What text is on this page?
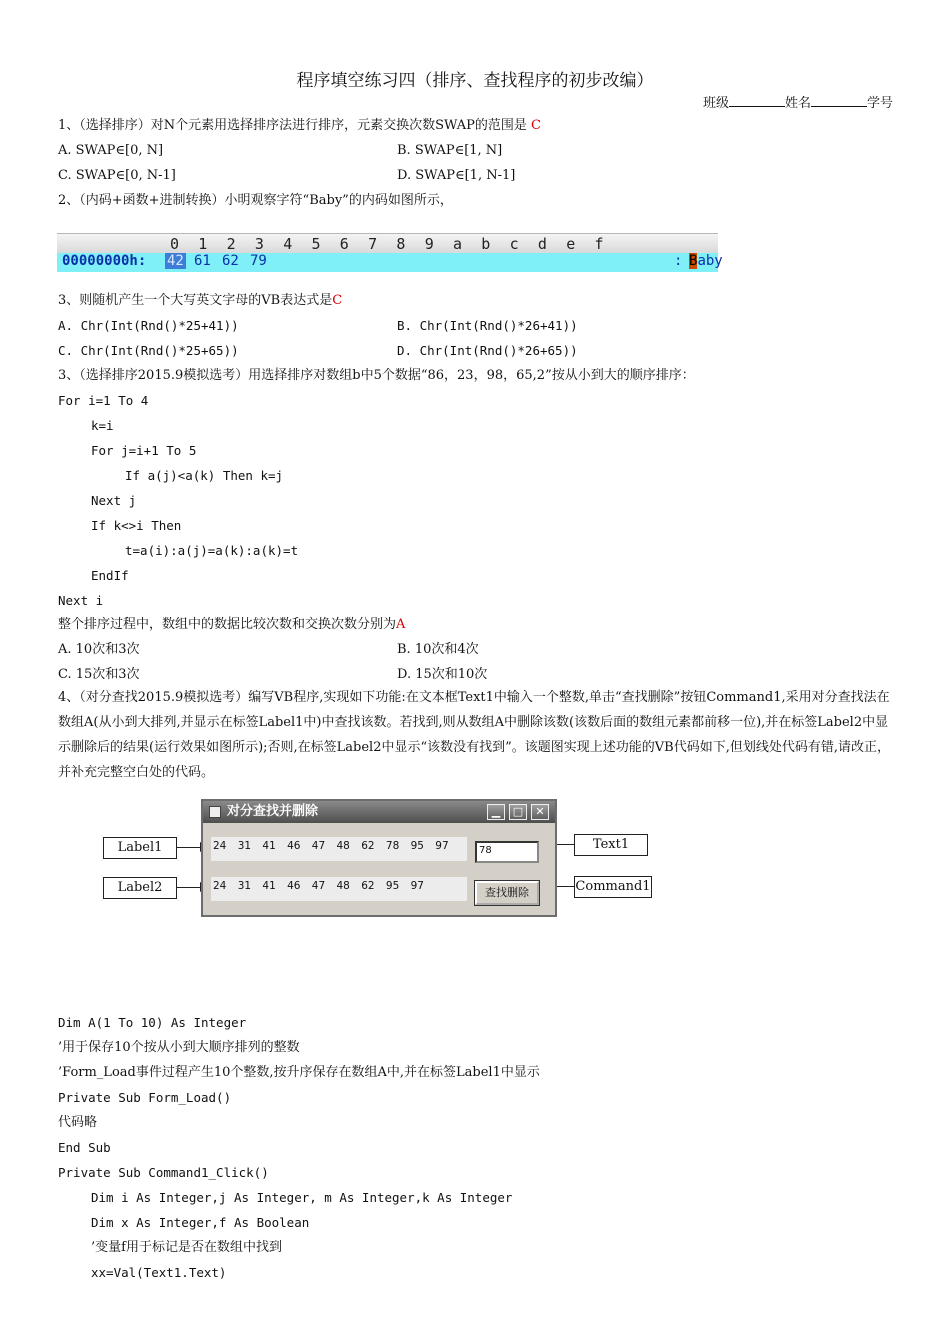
程序填空练习四（排序、查找程序的初步改编）
班级	姓名	学号
1、（选择排序）对N个元素用选择排序法进行排序，元素交换次数SWAP的范围是 C
A. SWAP∈[0, N]	B. SWAP∈[1, N]
C. SWAP∈[0, N-1]	D. SWAP∈[1, N-1]
2、（内码+函数+进制转换）小明观察字符“Baby”的内码如图所示，
0 1 2 3 4 5 6 7 8 9 a b c d e f
00000000h: 42 61 62 79	: Baby
3、则随机产生一个大写英文字母的VB表达式是C
A. Chr(Int(Rnd()*25+41))	B. Chr(Int(Rnd()*26+41))
C. Chr(Int(Rnd()*25+65))	D. Chr(Int(Rnd()*26+65))
3、（选择排序2015.9模拟选考）用选择排序对数组b中5个数据“86，23，98，65,2”按从小到大的顺序排序：
For i=1 To 4
k=i
For j=i+1 To 5
If a(j)<a(k) Then k=j
Next j
If k<>i Then
t=a(i):a(j)=a(k):a(k)=t
EndIf
Next i
整个排序过程中，数组中的数据比较次数和交换次数分别为A
A. 10次和3次	B. 10次和4次
C. 15次和3次	D. 15次和10次
4、（对分查找2015.9模拟选考）编写VB程序,实现如下功能:在文本框Text1中输入一个整数,单击“查找删除”按钮Command1,采用对分查找法在数组A(从小到大排列,并显示在标签Label1中)中查找该数。若找到,则从数组A中删除该数(该数后面的数组元素都前移一位),并在标签Label2中显示删除后的结果(运行效果如图所示);否则,在标签Label2中显示“该数没有找到”。该题图实现上述功能的VB代码如下,但划线处代码有错,请改正，并补充完整空白处的代码。
Label1
Label2
Text1
Command1
对分查找并删除	▁	□	✕
24 31 41 46 47 48 62 78 95 97
24 31 41 46 47 48 62 95 97
78
查找删除
Dim A(1 To 10) As Integer
’用于保存10个按从小到大顺序排列的整数
’Form_Load事件过程产生10个整数,按升序保存在数组A中,并在标签Label1中显示
Private Sub Form_Load()
代码略
End Sub
Private Sub Command1_Click()
Dim i As Integer,j As Integer, m As Integer,k As Integer
Dim x As Integer,f As Boolean
’变量f用于标记是否在数组中找到
xx=Val(Text1.Text)
